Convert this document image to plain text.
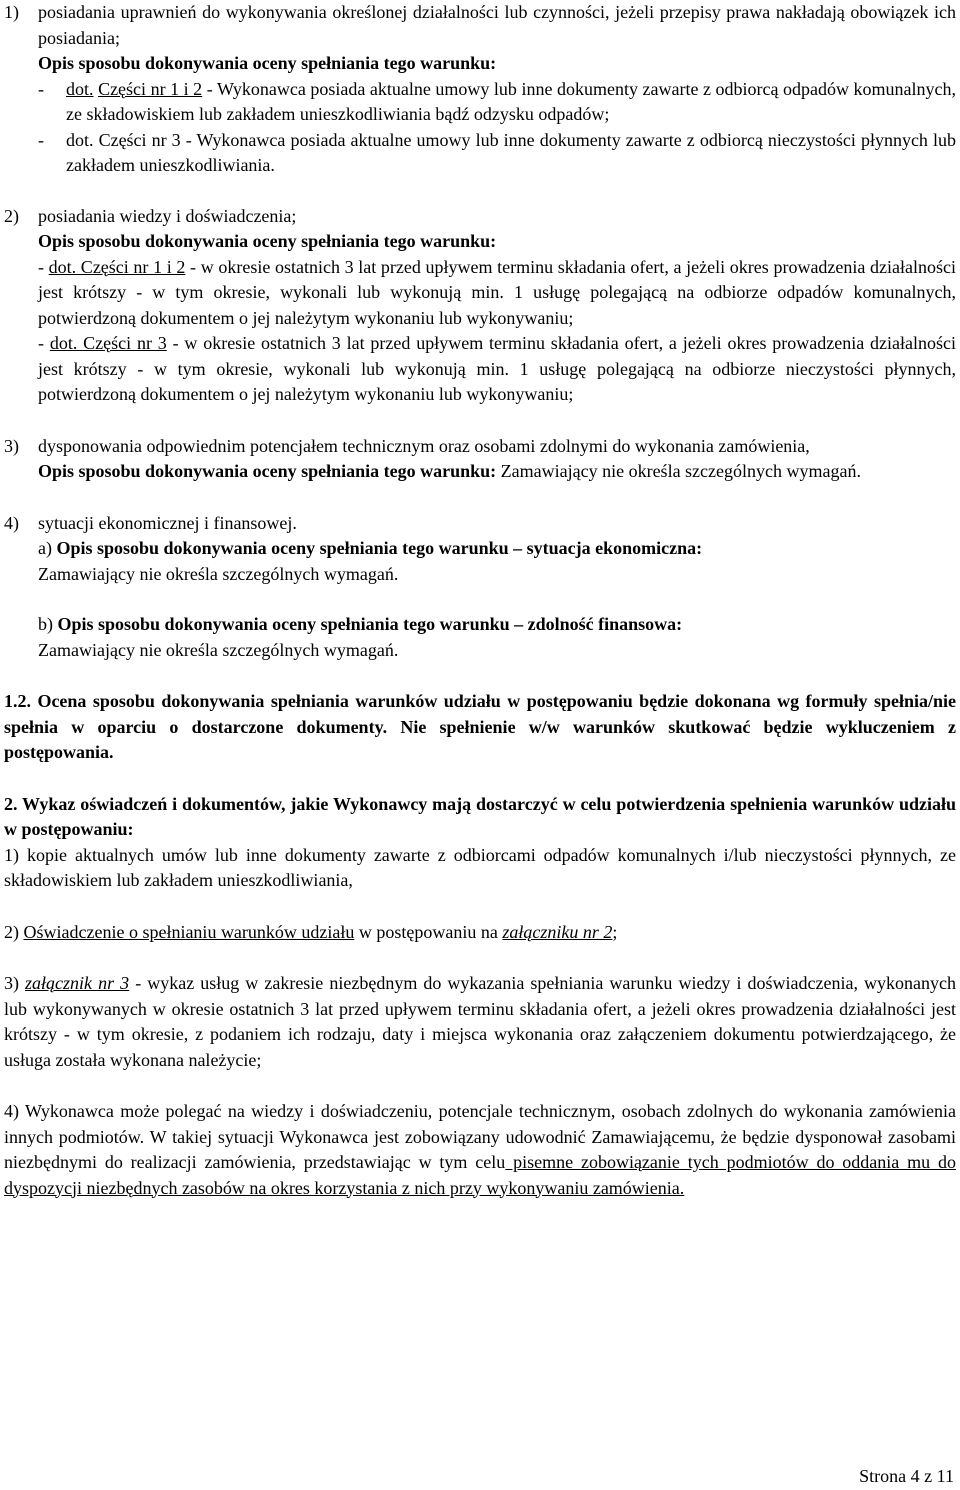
1)	posiadania uprawnień do wykonywania określonej działalności lub czynności, jeżeli przepisy prawa nakładają obowiązek ich posiadania;

Opis sposobu dokonywania oceny spełniania tego warunku:

-	dot. Części nr 1 i 2 - Wykonawca posiada aktualne umowy lub inne dokumenty zawarte z odbiorcą odpadów komunalnych, ze składowiskiem lub zakładem unieszkodliwiania bądź odzysku odpadów;

-	dot. Części nr 3 - Wykonawca posiada aktualne umowy lub inne dokumenty zawarte z odbiorcą nieczystości płynnych lub zakładem unieszkodliwiania.

2)	posiadania wiedzy i doświadczenia;

Opis sposobu dokonywania oceny spełniania tego warunku:

- dot. Części nr 1 i 2 - w okresie ostatnich 3 lat przed upływem terminu składania ofert, a jeżeli okres prowadzenia działalności jest krótszy - w tym okresie, wykonali lub wykonują min. 1 usługę polegającą na odbiorze odpadów komunalnych, potwierdzoną dokumentem o jej należytym wykonaniu lub wykonywaniu;

- dot. Części nr 3 - w okresie ostatnich 3 lat przed upływem terminu składania ofert, a jeżeli okres prowadzenia działalności jest krótszy - w tym okresie, wykonali lub wykonują min. 1 usługę polegającą na odbiorze nieczystości płynnych, potwierdzoną dokumentem o jej należytym wykonaniu lub wykonywaniu;

3)	dysponowania odpowiednim potencjałem technicznym oraz osobami zdolnymi do wykonania zamówienia,

Opis sposobu dokonywania oceny spełniania tego warunku: Zamawiający nie określa szczególnych wymagań.

4)	sytuacji ekonomicznej i finansowej.

a) Opis sposobu dokonywania oceny spełniania tego warunku – sytuacja ekonomiczna:

Zamawiający nie określa szczególnych wymagań.

b) Opis sposobu dokonywania oceny spełniania tego warunku – zdolność finansowa:

Zamawiający nie określa szczególnych wymagań.

1.2. Ocena sposobu dokonywania spełniania warunków udziału w postępowaniu będzie dokonana wg formuły spełnia/nie spełnia w oparciu o dostarczone dokumenty. Nie spełnienie w/w warunków skutkować będzie wykluczeniem z postępowania.

2. Wykaz oświadczeń i dokumentów, jakie Wykonawcy mają dostarczyć w celu potwierdzenia spełnienia warunków udziału w postępowaniu:

1) kopie aktualnych umów lub inne dokumenty zawarte z odbiorcami odpadów komunalnych i/lub nieczystości płynnych, ze składowiskiem lub zakładem unieszkodliwiania,

2) Oświadczenie o spełnianiu warunków udziału w postępowaniu na załączniku nr 2;

3) załącznik nr 3 - wykaz usług w zakresie niezbędnym do wykazania spełniania warunku wiedzy i doświadczenia, wykonanych lub wykonywanych w okresie ostatnich 3 lat przed upływem terminu składania ofert, a jeżeli okres prowadzenia działalności jest krótszy - w tym okresie, z podaniem ich rodzaju, daty i miejsca wykonania oraz załączeniem dokumentu potwierdzającego, że usługa została wykonana należycie;

4) Wykonawca może polegać na wiedzy i doświadczeniu, potencjale technicznym, osobach zdolnych do wykonania zamówienia innych podmiotów. W takiej sytuacji Wykonawca jest zobowiązany udowodnić Zamawiającemu, że będzie dysponował zasobami niezbędnymi do realizacji zamówienia, przedstawiając w tym celu pisemne zobowiązanie tych podmiotów do oddania mu do dyspozycji niezbędnych zasobów na okres korzystania z nich przy wykonywaniu zamówienia.

Strona 4 z 11
